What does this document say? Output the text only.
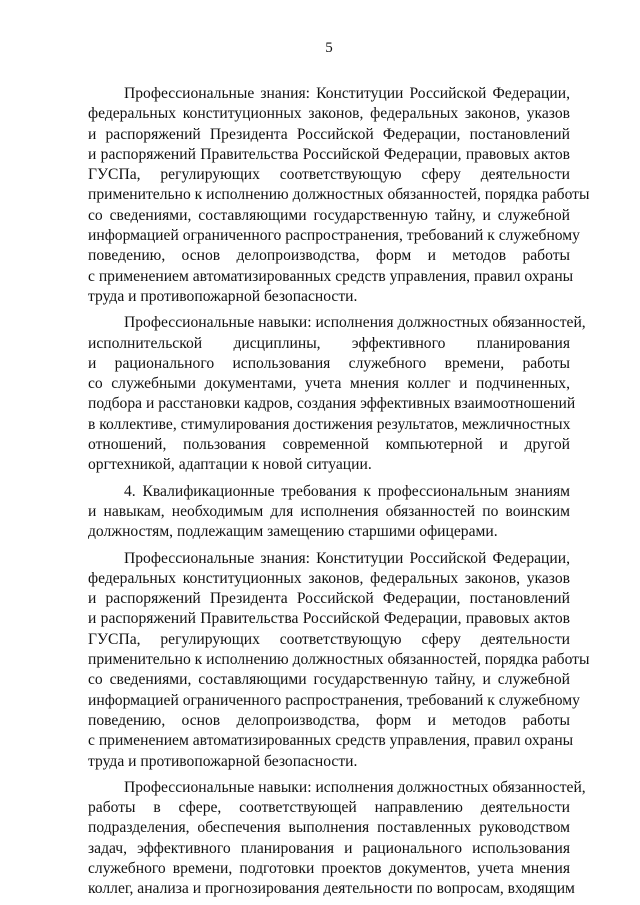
5

Профессиональные знания: Конституции Российской Федерации,
федеральных конституционных законов, федеральных законов, указов
и распоряжений Президента Российской Федерации, постановлений
и распоряжений Правительства Российской Федерации, правовых актов
ГУСПа, регулирующих соответствующую сферу деятельности
применительно к исполнению должностных обязанностей, порядка работы
со сведениями, составляющими государственную тайну, и служебной
информацией ограниченного распространения, требований к служебному
поведению, основ делопроизводства, форм и методов работы
с применением автоматизированных средств управления, правил охраны
труда и противопожарной безопасности.

Профессиональные навыки: исполнения должностных обязанностей,
исполнительской дисциплины, эффективного планирования
и рационального использования служебного времени, работы
со служебными документами, учета мнения коллег и подчиненных,
подбора и расстановки кадров, создания эффективных взаимоотношений
в коллективе, стимулирования достижения результатов, межличностных
отношений, пользования современной компьютерной и другой
оргтехникой, адаптации к новой ситуации.

4. Квалификационные требования к профессиональным знаниям
и навыкам, необходимым для исполнения обязанностей по воинским
должностям, подлежащим замещению старшими офицерами.

Профессиональные знания: Конституции Российской Федерации,
федеральных конституционных законов, федеральных законов, указов
и распоряжений Президента Российской Федерации, постановлений
и распоряжений Правительства Российской Федерации, правовых актов
ГУСПа, регулирующих соответствующую сферу деятельности
применительно к исполнению должностных обязанностей, порядка работы
со сведениями, составляющими государственную тайну, и служебной
информацией ограниченного распространения, требований к служебному
поведению, основ делопроизводства, форм и методов работы
с применением автоматизированных средств управления, правил охраны
труда и противопожарной безопасности.

Профессиональные навыки: исполнения должностных обязанностей,
работы в сфере, соответствующей направлению деятельности
подразделения, обеспечения выполнения поставленных руководством
задач, эффективного планирования и рационального использования
служебного времени, подготовки проектов документов, учета мнения
коллег, анализа и прогнозирования деятельности по вопросам, входящим
